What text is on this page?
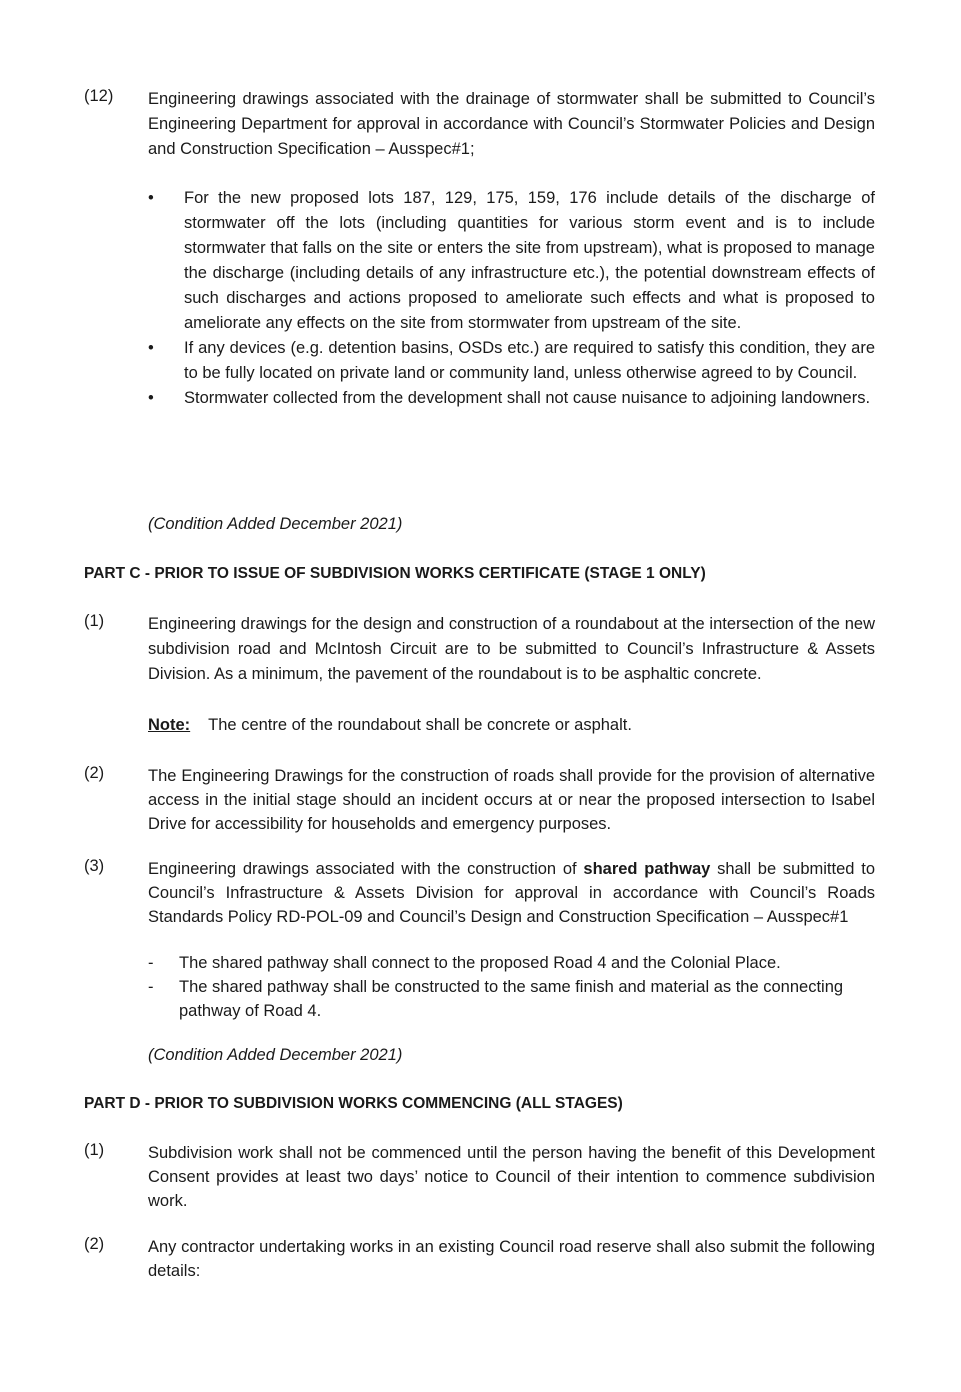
(12) Engineering drawings associated with the drainage of stormwater shall be submitted to Council’s Engineering Department for approval in accordance with Council’s Stormwater Policies and Design and Construction Specification – Ausspec#1;
• For the new proposed lots 187, 129, 175, 159, 176 include details of the discharge of stormwater off the lots (including quantities for various storm event and is to include stormwater that falls on the site or enters the site from upstream), what is proposed to manage the discharge (including details of any infrastructure etc.), the potential downstream effects of such discharges and actions proposed to ameliorate such effects and what is proposed to ameliorate any effects on the site from stormwater from upstream of the site.
• If any devices (e.g. detention basins, OSDs etc.) are required to satisfy this condition, they are to be fully located on private land or community land, unless otherwise agreed to by Council.
• Stormwater collected from the development shall not cause nuisance to adjoining landowners.
(Condition Added December 2021)
PART C - PRIOR TO ISSUE OF SUBDIVISION WORKS CERTIFICATE (STAGE 1 ONLY)
(1)	Engineering drawings for the design and construction of a roundabout at the intersection of the new subdivision road and McIntosh Circuit are to be submitted to Council’s Infrastructure & Assets Division. As a minimum, the pavement of the roundabout is to be asphaltic concrete.
Note: The centre of the roundabout shall be concrete or asphalt.
(2)	The Engineering Drawings for the construction of roads shall provide for the provision of alternative access in the initial stage should an incident occurs at or near the proposed intersection to Isabel Drive for accessibility for households and emergency purposes.
(3)	Engineering drawings associated with the construction of shared pathway shall be submitted to Council’s Infrastructure & Assets Division for approval in accordance with Council’s Roads Standards Policy RD-POL-09 and Council’s Design and Construction Specification – Ausspec#1
- The shared pathway shall connect to the proposed Road 4 and the Colonial Place.
- The shared pathway shall be constructed to the same finish and material as the connecting pathway of Road 4.
(Condition Added December 2021)
PART D - PRIOR TO SUBDIVISION WORKS COMMENCING (ALL STAGES)
(1)	Subdivision work shall not be commenced until the person having the benefit of this Development Consent provides at least two days’ notice to Council of their intention to commence subdivision work.
(2)	Any contractor undertaking works in an existing Council road reserve shall also submit the following details:
